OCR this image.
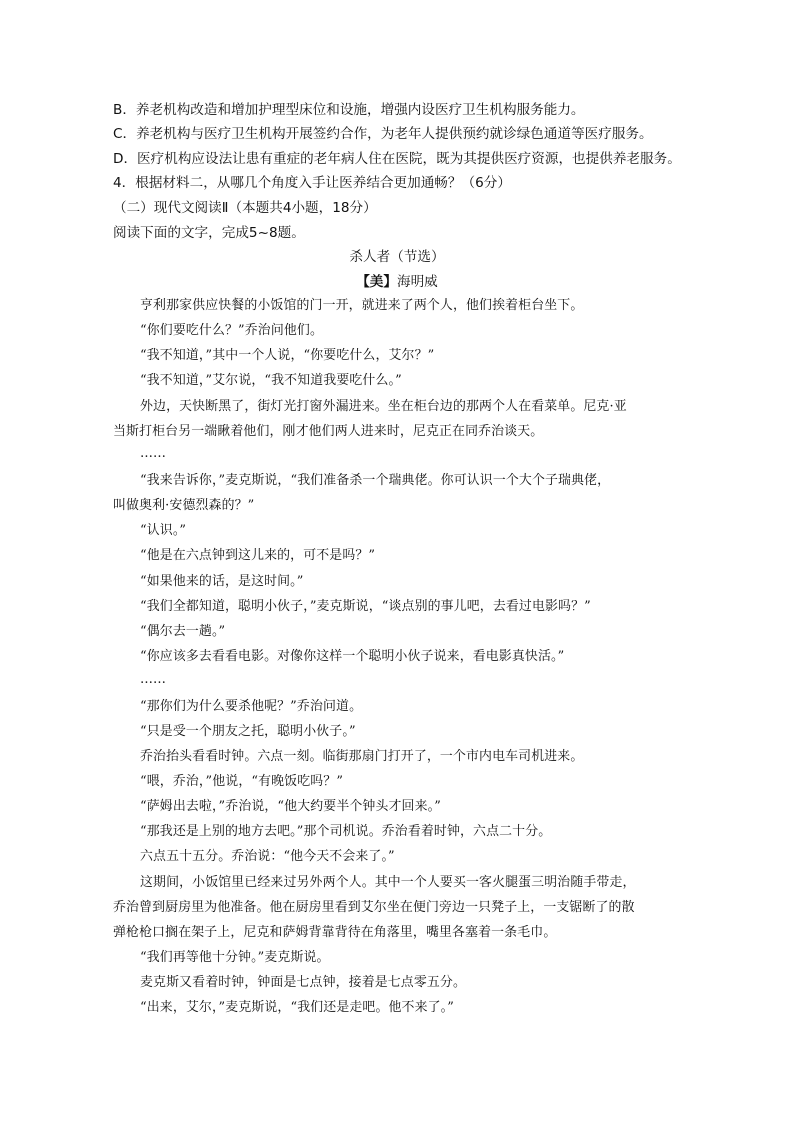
B．养老机构改造和增加护理型床位和设施，增强内设医疗卫生机构服务能力。
C．养老机构与医疗卫生机构开展签约合作，为老年人提供预约就诊绿色通道等医疗服务。
D．医疗机构应设法让患有重症的老年病人住在医院，既为其提供医疗资源，也提供养老服务。
4．根据材料二，从哪几个角度入手让医养结合更加通畅？（6分）
（二）现代文阅读Ⅱ（本题共4小题，18分）
阅读下面的文字，完成5~8题。
杀人者（节选）
【美】海明威
亨利那家供应快餐的小饭馆的门一开，就进来了两个人，他们挨着柜台坐下。
“你们要吃什么？”乔治问他们。
“我不知道，”其中一个人说，“你要吃什么，艾尔？”
“我不知道，”艾尔说，“我不知道我要吃什么。”
外边，天快断黑了，街灯光打窗外漏进来。坐在柜台边的那两个人在看菜单。尼克·亚
当斯打柜台另一端瞅着他们，刚才他们两人进来时，尼克正在同乔治谈天。
……
“我来告诉你，”麦克斯说，“我们准备杀一个瑞典佬。你可认识一个大个子瑞典佬，
叫做奥利·安德烈森的？”
“认识。”
“他是在六点钟到这儿来的，可不是吗？”
“如果他来的话，是这时间。”
“我们全都知道，聪明小伙子，”麦克斯说，“谈点别的事儿吧，去看过电影吗？”
“偶尔去一趟。”
“你应该多去看看电影。对像你这样一个聪明小伙子说来，看电影真快活。”
……
“那你们为什么要杀他呢？”乔治问道。
“只是受一个朋友之托，聪明小伙子。”
乔治抬头看看时钟。六点一刻。临街那扇门打开了，一个市内电车司机进来。
“喂，乔治，”他说，“有晚饭吃吗？”
“萨姆出去啦，”乔治说，“他大约要半个钟头才回来。”
“那我还是上别的地方去吧。”那个司机说。乔治看着时钟，六点二十分。
六点五十五分。乔治说：“他今天不会来了。”
这期间，小饭馆里已经来过另外两个人。其中一个人要买一客火腿蛋三明治随手带走，
乔治曾到厨房里为他准备。他在厨房里看到艾尔坐在便门旁边一只凳子上，一支锯断了的散
弹枪枪口搁在架子上，尼克和萨姆背靠背待在角落里，嘴里各塞着一条毛巾。
“我们再等他十分钟。”麦克斯说。
麦克斯又看着时钟，钟面是七点钟，接着是七点零五分。
“出来，艾尔，”麦克斯说，“我们还是走吧。他不来了。”
